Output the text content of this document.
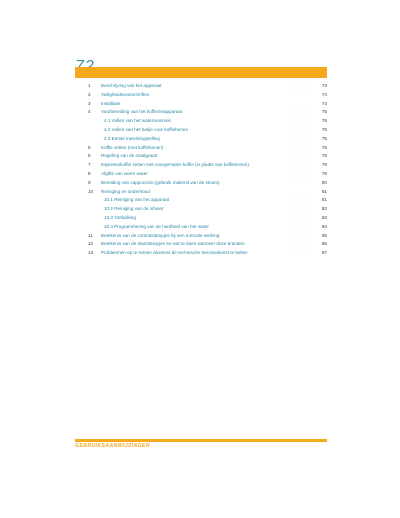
1	Beschrijving van het apparaat	. . .	73
2	Veiligheidsvoorschriften	. . .	74
3	Installatie	. . .	74
4	Voorbereiding van het koffiezetapparaat	. . .	75
4.1 Vullen van het waterreservoir	. . .	75
4.2 Vullen van het bakje voor koffiebonen	. . .	75
4.3 Eerste inwerkingstelling	. . .	75
5	Koffie zetten (met koffiebonen)	. . .	76
6	Regeling van de maalgraad	. . .	78
7	Espressokoffie zetten met voorgemalen koffie (in plaats van koffiebonen)	. . .	79
8	Afgifte van warm water	. . .	79
9	Bereiding van cappuccino (gebruik makend van de stoom)	. . .	80
10	Reiniging en onderhoud	. . .	81
10.1 Reiniging van het apparaat	. . .	81
10.2 Reiniging van de infuser	. . .	82
10.3 Ontkalking	. . .	83
10.4 Programmering van de hardheid van het water	. . .	84
11	Betekenis van de controlelampjes bij een normale werking	. . .	85
12	Betekenis van de alarmlampjes en wat te doen wanneer deze branden	. . .	86
13	Probleemen op te lossen alvorens de technische Servicedienst te bellen	. . .	87
GEBRUIKSAANWIJZINGEN
